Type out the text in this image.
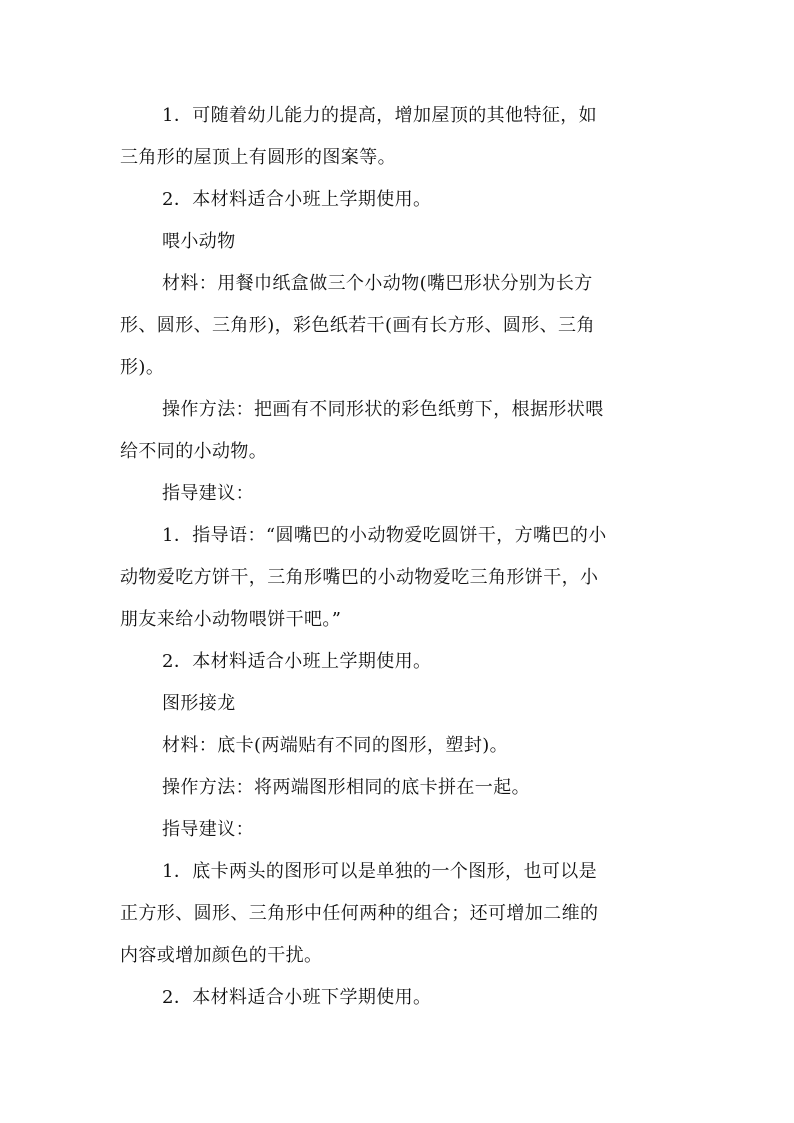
1．可随着幼儿能力的提高，增加屋顶的其他特征，如
三角形的屋顶上有圆形的图案等。
2．本材料适合小班上学期使用。
喂小动物
材料：用餐巾纸盒做三个小动物(嘴巴形状分别为长方
形、圆形、三角形)，彩色纸若干(画有长方形、圆形、三角
形)。
操作方法：把画有不同形状的彩色纸剪下，根据形状喂
给不同的小动物。
指导建议：
1．指导语：“圆嘴巴的小动物爱吃圆饼干，方嘴巴的小
动物爱吃方饼干，三角形嘴巴的小动物爱吃三角形饼干，小
朋友来给小动物喂饼干吧。”
2．本材料适合小班上学期使用。
图形接龙
材料：底卡(两端贴有不同的图形，塑封)。
操作方法：将两端图形相同的底卡拼在一起。
指导建议：
1．底卡两头的图形可以是单独的一个图形，也可以是
正方形、圆形、三角形中任何两种的组合；还可增加二维的
内容或增加颜色的干扰。
2．本材料适合小班下学期使用。
